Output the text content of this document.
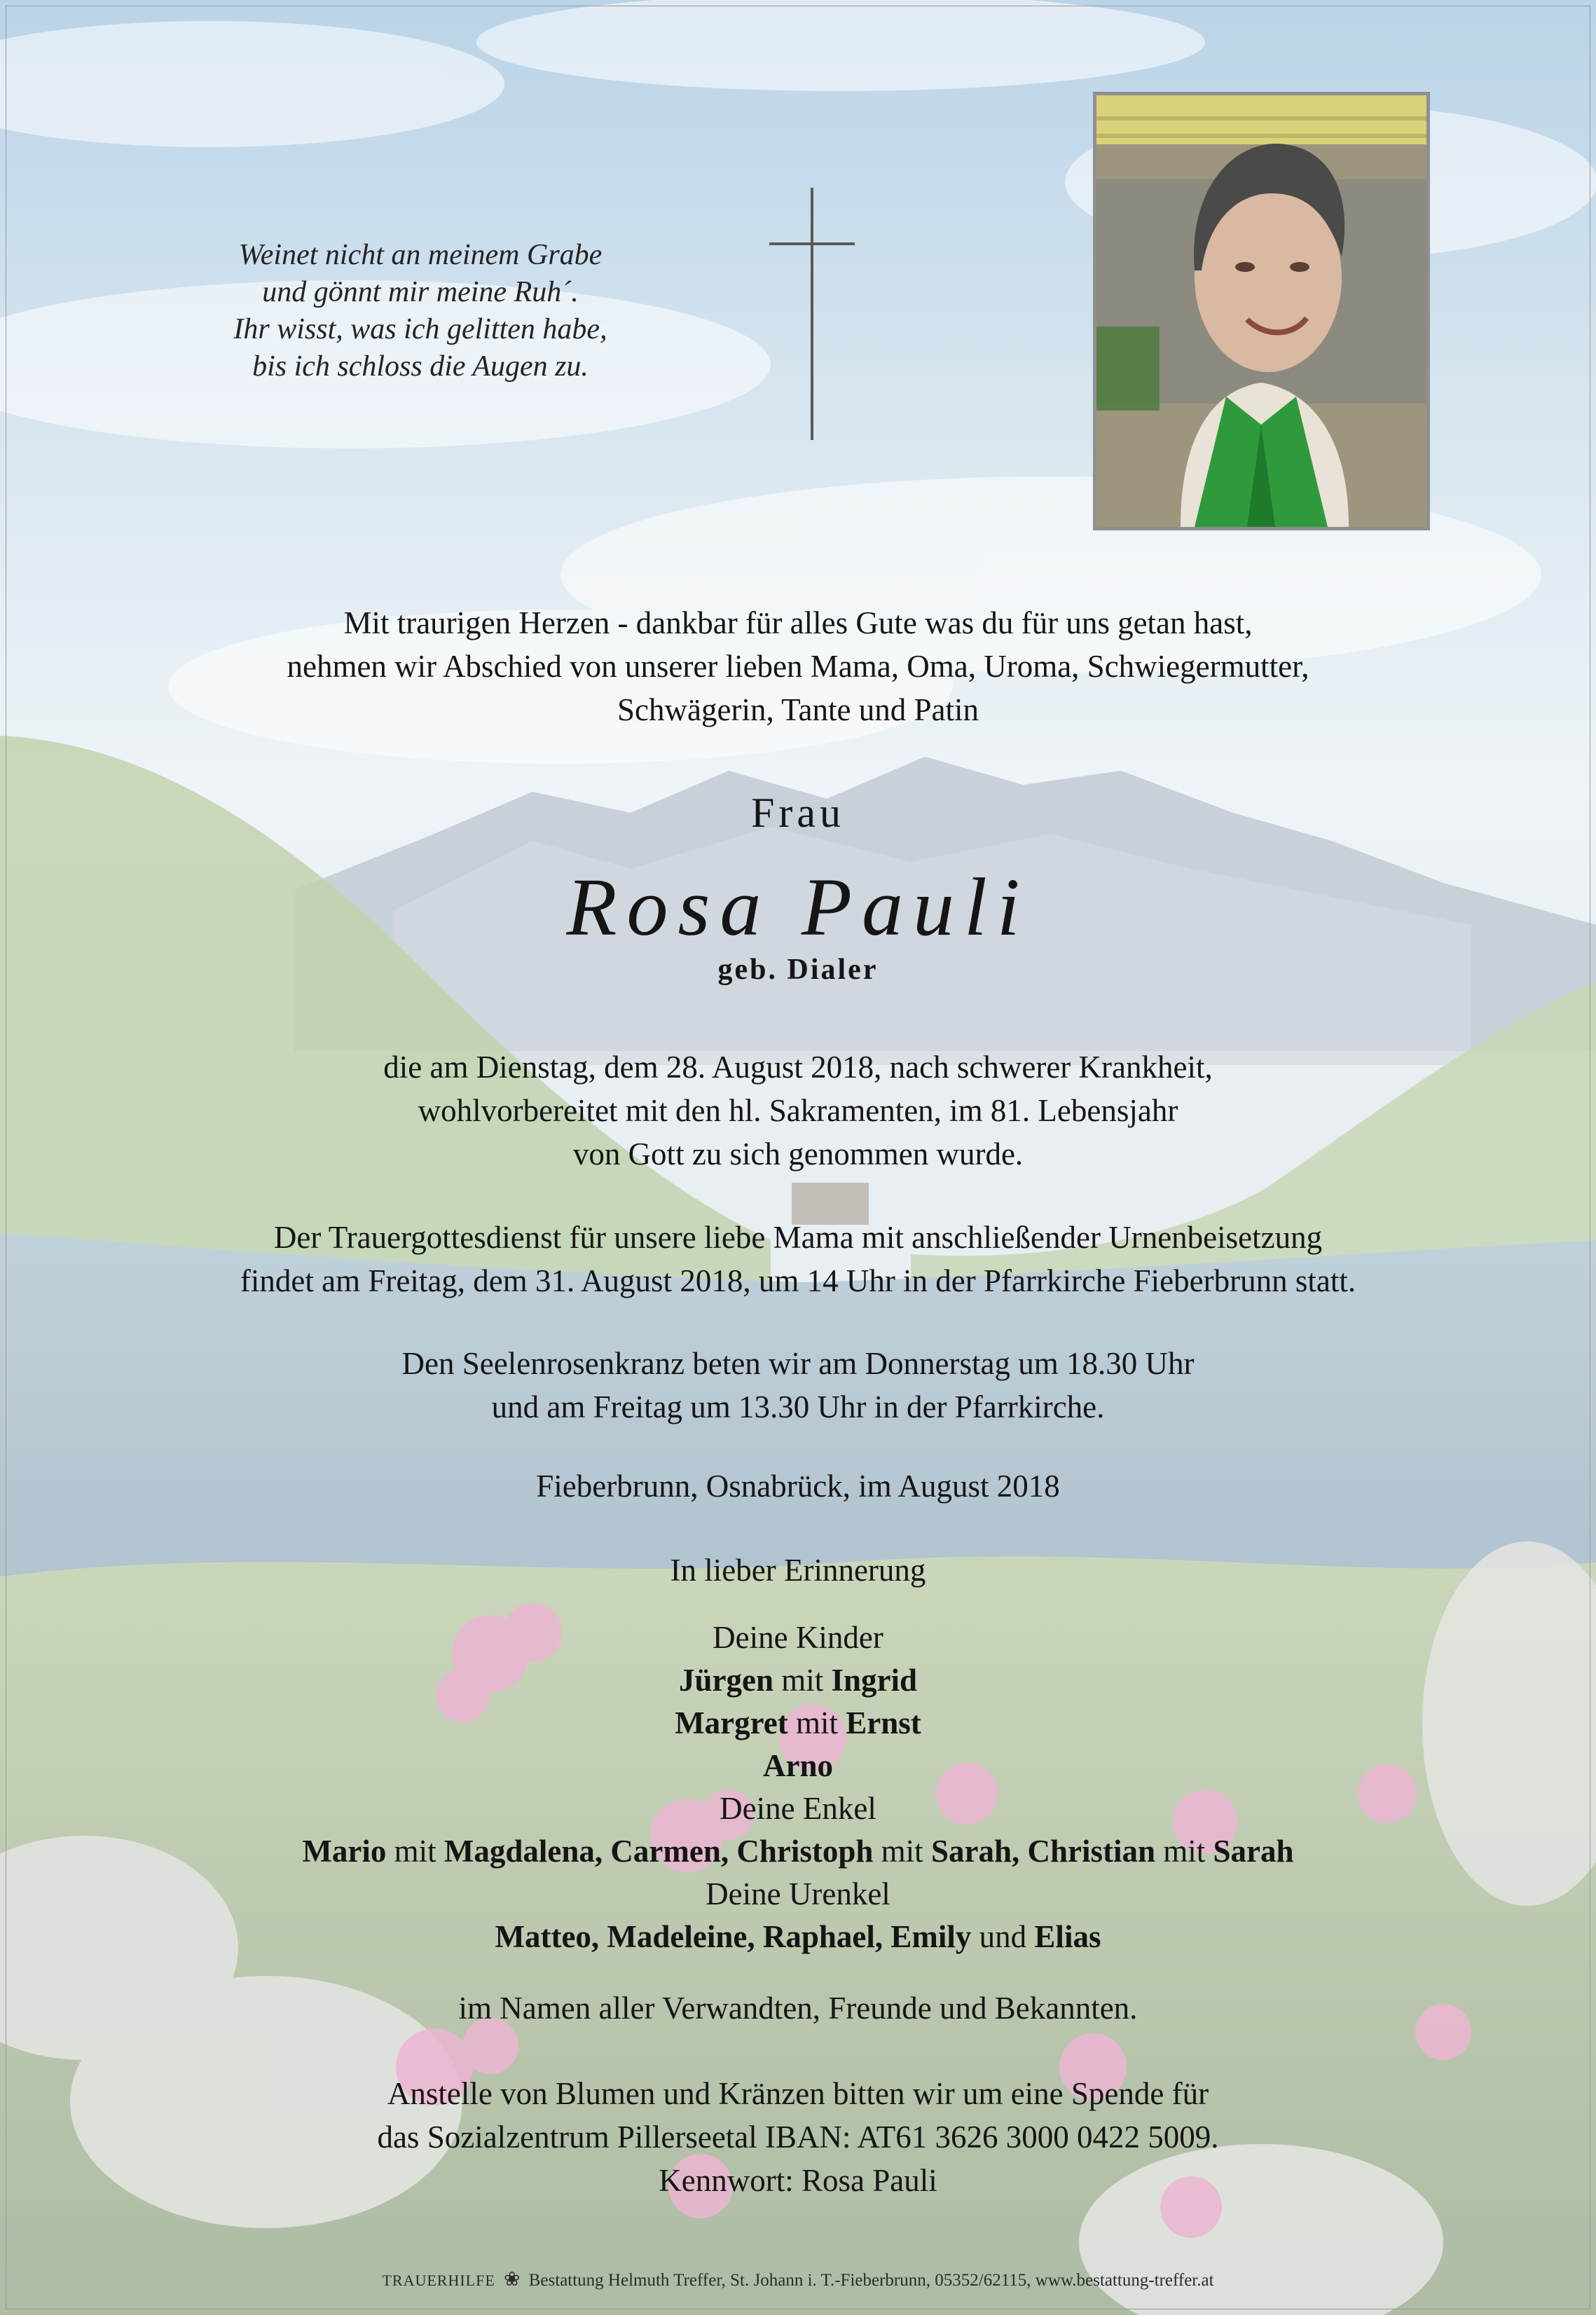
Weinet nicht an meinem Grabe
und gönnt mir meine Ruh´.
Ihr wisst, was ich gelitten habe,
bis ich schloss die Augen zu.

Mit traurigen Herzen - dankbar für alles Gute was du für uns getan hast,

nehmen wir Abschied von unserer lieben Mama, Oma, Uroma, Schwiegermutter,

Schwägerin, Tante und Patin

Frau
Rosa Pauli
geb. Dialer

die am Dienstag, dem 28. August 2018, nach schwerer Krankheit,

wohlvorbereitet mit den hl. Sakramenten, im 81. Lebensjahr

von Gott zu sich genommen wurde.

Der Trauergottesdienst für unsere liebe Mama mit anschließender Urnenbeisetzung

findet am Freitag, dem 31. August 2018, um 14 Uhr in der Pfarrkirche Fieberbrunn statt.

Den Seelenrosenkranz beten wir am Donnerstag um 18.30 Uhr

und am Freitag um 13.30 Uhr in der Pfarrkirche.

Fieberbrunn, Osnabrück, im August 2018

In lieber Erinnerung

Deine Kinder

Jürgen mit Ingrid

Margret mit Ernst

Arno

Deine Enkel

Mario mit Magdalena, Carmen, Christoph mit Sarah, Christian mit Sarah

Deine Urenkel

Matteo, Madeleine, Raphael, Emily und Elias

im Namen aller Verwandten, Freunde und Bekannten.

Anstelle von Blumen und Kränzen bitten wir um eine Spende für

das Sozialzentrum Pillerseetal IBAN: AT61 3626 3000 0422 5009.

Kennwort: Rosa Pauli

TRAUERHILFE ❀ Bestattung Helmuth Treffer, St. Johann i. T.-Fieberbrunn, 05352/62115, www.bestattung-treffer.at
